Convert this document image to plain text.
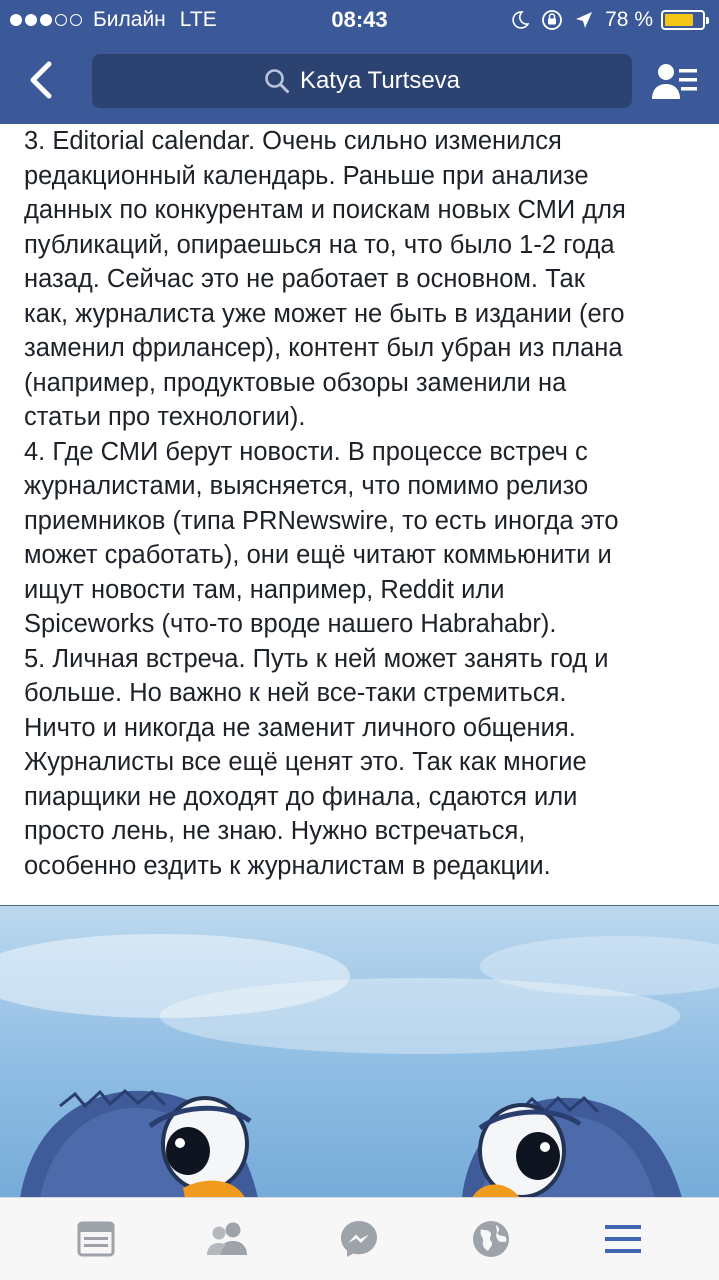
Билайн LTE	08:43	78 %
Katya Turtseva

3. Editorial calendar. Очень сильно изменился

редакционный календарь. Раньше при анализе

данных по конкурентам и поискам новых СМИ для

публикаций, опираешься на то, что было 1-2 года

назад. Сейчас это не работает в основном. Так

как, журналиста уже может не быть в издании (его

заменил фрилансер), контент был убран из плана

(например, продуктовые обзоры заменили на

статьи про технологии).

4. Где СМИ берут новости. В процессе встреч с

журналистами, выясняется, что помимо релизо

приемников (типа PRNewswire, то есть иногда это

может сработать), они ещё читают коммьюнити и

ищут новости там, например, Reddit или

Spiceworks (что-то вроде нашего Habrahabr).

5. Личная встреча. Путь к ней может занять год и

больше. Но важно к ней все-таки стремиться.

Ничто и никогда не заменит личного общения.

Журналисты все ещё ценят это. Так как многие

пиарщики не доходят до финала, сдаются или

просто лень, не знаю. Нужно встречаться,

особенно ездить к журналистам в редакции.
